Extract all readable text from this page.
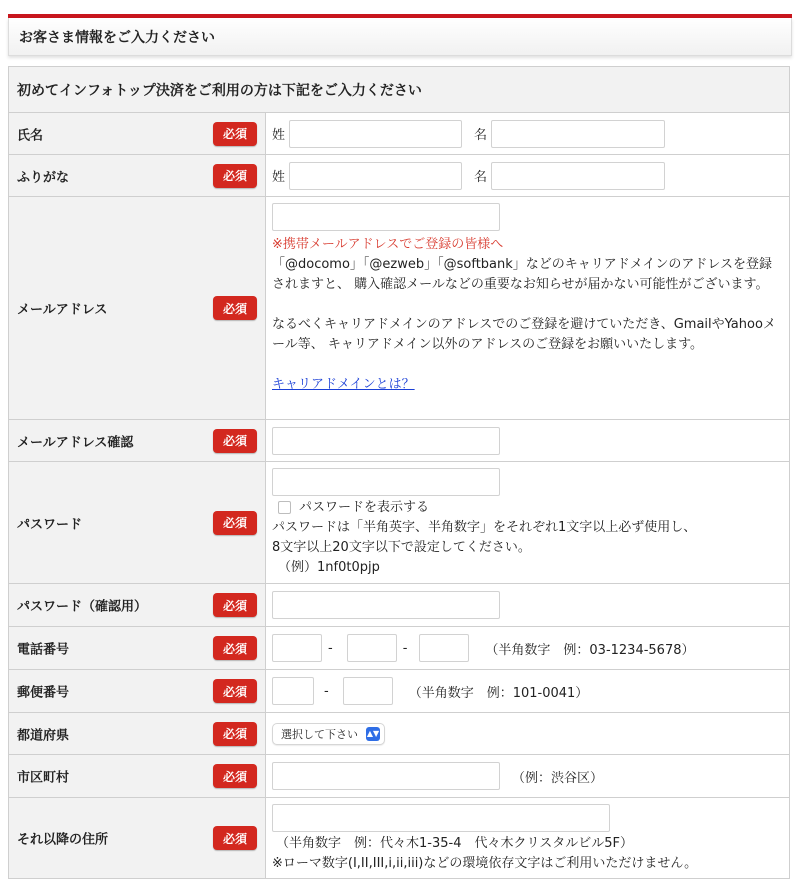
お客さま情報をご入力ください
初めてインフォトップ決済をご利用の方は下記をご入力ください
氏名	必須	姓	名
ふりがな	必須	姓	名
メールアドレス	必須
※携帯メールアドレスでご登録の皆様へ
「@docomo」「@ezweb」「@softbank」などのキャリアドメインのアドレスを登録されますと、 購入確認メールなどの重要なお知らせが届かない可能性がございます。
なるべくキャリアドメインのアドレスでのご登録を避けていただき、GmailやYahooメール等、 キャリアドメイン以外のアドレスのご登録をお願いいたします。
キャリアドメインとは？
メールアドレス確認	必須
パスワード	必須
パスワードを表示する
パスワードは「半角英字、半角数字」をそれぞれ1文字以上必ず使用し、
8文字以上20文字以下で設定してください。
（例）1nf0t0pjp
パスワード（確認用）	必須
電話番号	必須	-	-	（半角数字　例：03-1234-5678）
郵便番号	必須	-	（半角数字　例：101-0041）
都道府県	必須	選択して下さい ▲▼
市区町村	必須	（例：渋谷区）
それ以降の住所	必須	（半角数字　例：代々木1-35-4　代々木クリスタルビル5F）
※ローマ数字(I,II,III,i,ii,iii)などの環境依存文字はご利用いただけません。
